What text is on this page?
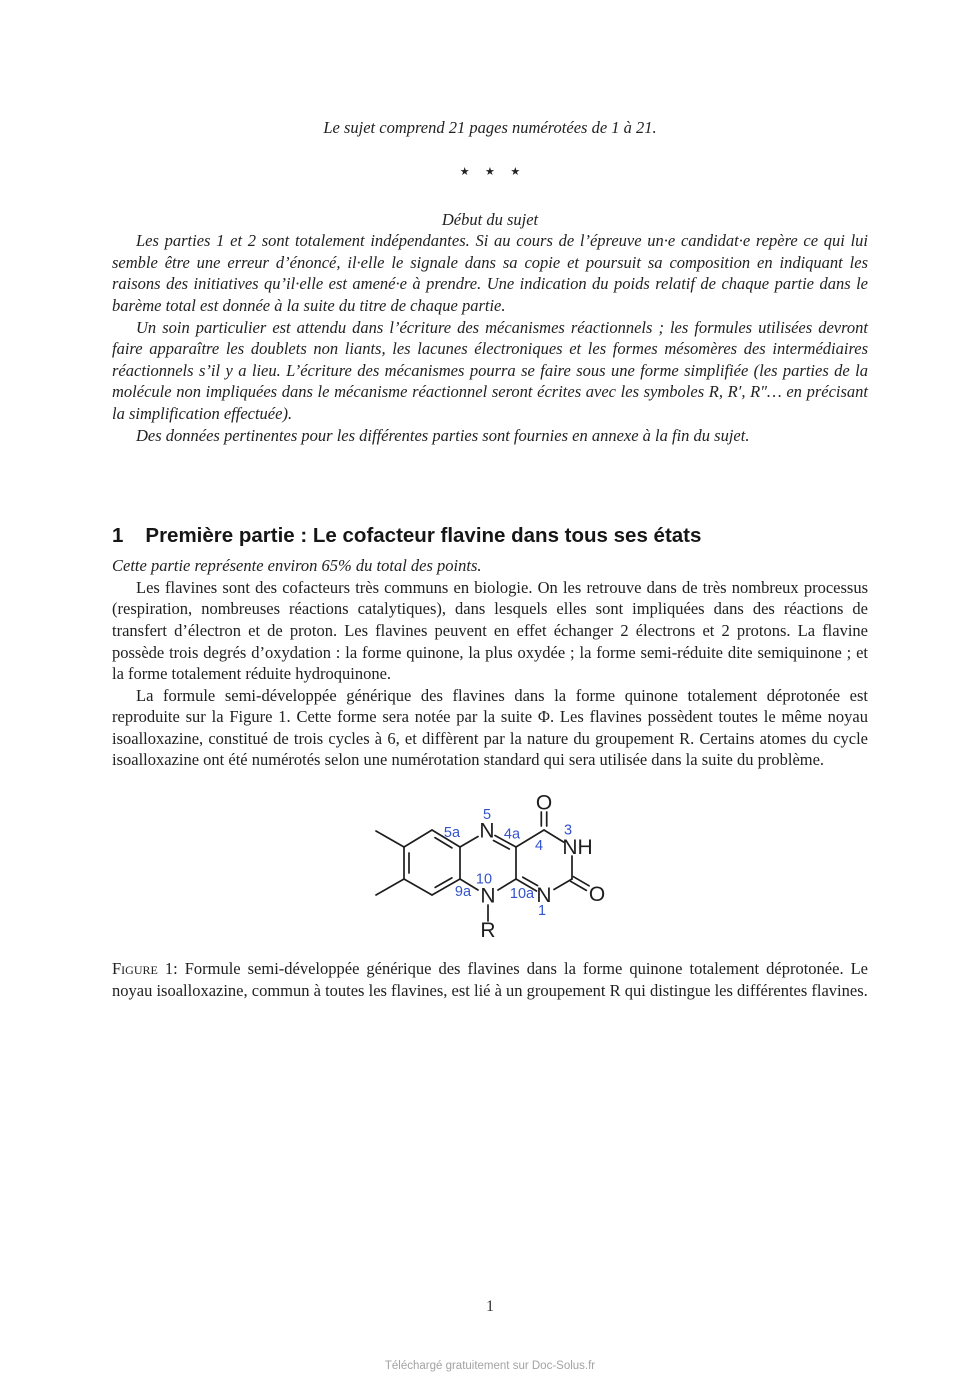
Le sujet comprend 21 pages numérotées de 1 à 21.
★ ★ ★
Début du sujet

Les parties 1 et 2 sont totalement indépendantes. Si au cours de l’épreuve un·e candidat·e repère ce qui lui semble être une erreur d’énoncé, il·elle le signale dans sa copie et poursuit sa composition en indiquant les raisons des initiatives qu’il·elle est amené·e à prendre. Une indication du poids relatif de chaque partie dans le barème total est donnée à la suite du titre de chaque partie.

Un soin particulier est attendu dans l’écriture des mécanismes réactionnels ; les formules utilisées devront faire apparaître les doublets non liants, les lacunes électroniques et les formes mésomères des intermédiaires réactionnels s’il y a lieu. L’écriture des mécanismes pourra se faire sous une forme simplifiée (les parties de la molécule non impliquées dans le mécanisme réactionnel seront écrites avec les symboles R, R′, R″… en précisant la simplification effectuée).

Des données pertinentes pour les différentes parties sont fournies en annexe à la fin du sujet.

1 Première partie : Le cofacteur flavine dans tous ses états
Cette partie représente environ 65% du total des points.

Les flavines sont des cofacteurs très communs en biologie. On les retrouve dans de très nombreux processus (respiration, nombreuses réactions catalytiques), dans lesquels elles sont impliquées dans des réactions de transfert d’électron et de proton. Les flavines peuvent en effet échanger 2 électrons et 2 protons. La flavine possède trois degrés d’oxydation : la forme quinone, la plus oxydée ; la forme semi-réduite dite semiquinone ; et la forme totalement réduite hydroquinone.

La formule semi-développée générique des flavines dans la forme quinone totalement déprotonée est reproduite sur la Figure 1. Cette forme sera notée par la suite Φ. Les flavines possèdent toutes le même noyau isoalloxazine, constitué de trois cycles à 6, et diffèrent par la nature du groupement R. Certains atomes du cycle isoalloxazine ont été numérotés selon une numérotation standard qui sera utilisée dans la suite du problème.

N
N N
NH
O
O
R
5
5a	4a
4
3
10
9a	10a
1

Figure 1: Formule semi-développée générique des flavines dans la forme quinone totalement déprotonée. Le noyau isoalloxazine, commun à toutes les flavines, est lié à un groupement R qui distingue les différentes flavines.

1
Téléchargé gratuitement sur Doc-Solus.fr
